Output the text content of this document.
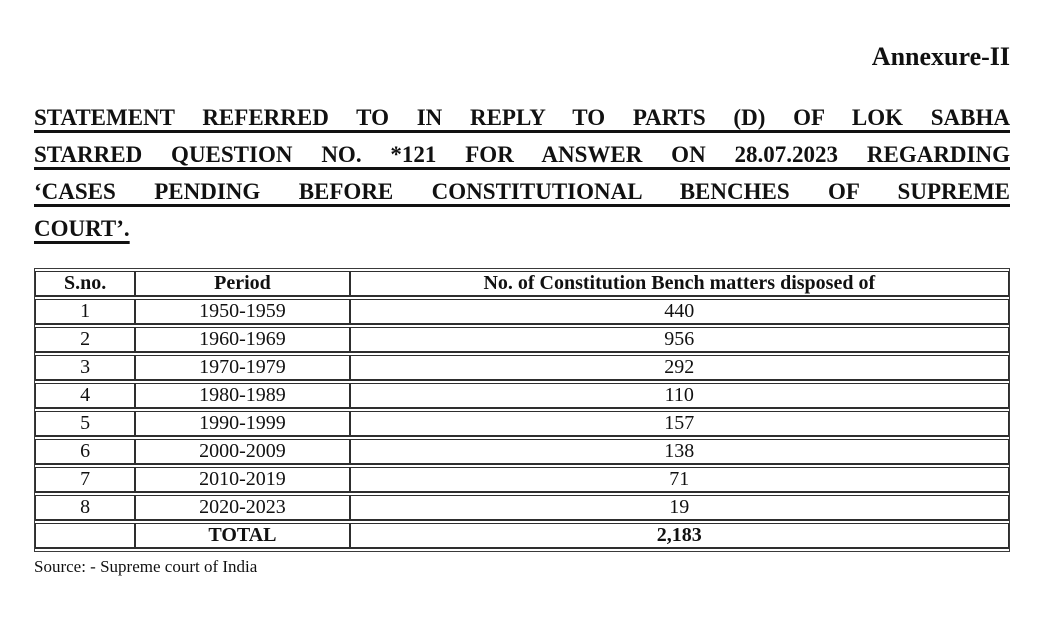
Annexure-II
STATEMENT REFERRED TO IN REPLY TO PARTS (D) OF LOK SABHA
STARRED QUESTION NO. *121 FOR ANSWER ON 28.07.2023 REGARDING
‘CASES PENDING BEFORE CONSTITUTIONAL BENCHES OF SUPREME
COURT’.
S.no.	Period	No. of Constitution Bench matters disposed of
1	1950-1959	440
2	1960-1969	956
3	1970-1979	292
4	1980-1989	110
5	1990-1999	157
6	2000-2009	138
7	2010-2019	71
8	2020-2023	19
	TOTAL	2,183
Source: - Supreme court of India
